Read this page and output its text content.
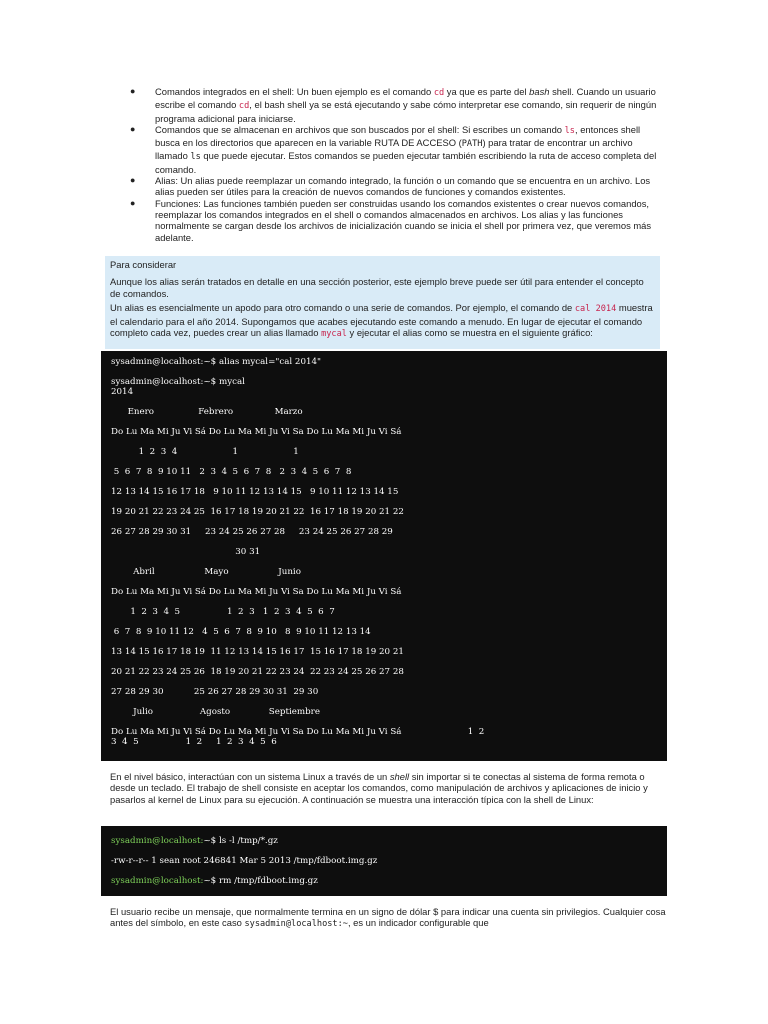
● Comandos integrados en el shell: Un buen ejemplo es el comando cd ya que es parte del bash shell. Cuando un usuario escribe el comando cd, el bash shell ya se está ejecutando y sabe cómo interpretar ese comando, sin requerir de ningún programa adicional para iniciarse.
● Comandos que se almacenan en archivos que son buscados por el shell: Si escribes un comando ls, entonces shell busca en los directorios que aparecen en la variable RUTA DE ACCESO (PATH) para tratar de encontrar un archivo llamado ls que puede ejecutar. Estos comandos se pueden ejecutar también escribiendo la ruta de acceso completa del comando.
● Alias: Un alias puede reemplazar un comando integrado, la función o un comando que se encuentra en un archivo. Los alias pueden ser útiles para la creación de nuevos comandos de funciones y comandos existentes.
● Funciones: Las funciones también pueden ser construidas usando los comandos existentes o crear nuevos comandos, reemplazar los comandos integrados en el shell o comandos almacenados en archivos. Los alias y las funciones normalmente se cargan desde los archivos de inicialización cuando se inicia el shell por primera vez, que veremos más adelante.

Para considerar

Aunque los alias serán tratados en detalle en una sección posterior, este ejemplo breve puede ser útil para entender el concepto de comandos.

Un alias es esencialmente un apodo para otro comando o una serie de comandos. Por ejemplo, el comando de cal 2014 muestra el calendario para el año 2014. Supongamos que acabes ejecutando este comando a menudo. En lugar de ejecutar el comando completo cada vez, puedes crear un alias llamado mycal y ejecutar el alias como se muestra en el siguiente gráfico:

sysadmin@localhost:~$ alias mycal="cal 2014"
sysadmin@localhost:~$ mycal
2014
Enero                Febrero               Marzo
Do Lu Ma Mi Ju Vi Sá Do Lu Ma Mi Ju Vi Sa Do Lu Ma Mi Ju Vi Sá
1  2  3  4                    1                    1
5  6  7  8  9 10 11   2  3  4  5  6  7  8   2  3  4  5  6  7  8
12 13 14 15 16 17 18   9 10 11 12 13 14 15   9 10 11 12 13 14 15
19 20 21 22 23 24 25  16 17 18 19 20 21 22  16 17 18 19 20 21 22
26 27 28 29 30 31     23 24 25 26 27 28     23 24 25 26 27 28 29
30 31
Abril                  Mayo                  Junio
Do Lu Ma Mi Ju Vi Sá Do Lu Ma Mi Ju Vi Sa Do Lu Ma Mi Ju Vi Sá
1  2  3  4  5                 1  2  3   1  2  3  4  5  6  7
6  7  8  9 10 11 12   4  5  6  7  8  9 10   8  9 10 11 12 13 14
13 14 15 16 17 18 19  11 12 13 14 15 16 17  15 16 17 18 19 20 21
20 21 22 23 24 25 26  18 19 20 21 22 23 24  22 23 24 25 26 27 28
27 28 29 30           25 26 27 28 29 30 31  29 30
Julio                 Agosto              Septiembre
Do Lu Ma Mi Ju Vi Sá Do Lu Ma Mi Ju Vi Sa Do Lu Ma Mi Ju Vi Sá                        1  2
3  4  5                 1  2     1  2  3  4  5  6

En el nivel básico, interactúan con un sistema Linux a través de un shell sin importar si te conectas al sistema de forma remota o desde un teclado. El trabajo de shell consiste en aceptar los comandos, como manipulación de archivos y aplicaciones de inicio y pasarlos al kernel de Linux para su ejecución. A continuación se muestra una interacción típica con la shell de Linux:

sysadmin@localhost:~$ ls -l /tmp/*.gz
-rw-r--r-- 1 sean root 246841 Mar 5 2013 /tmp/fdboot.img.gz
sysadmin@localhost:~$ rm /tmp/fdboot.img.gz

El usuario recibe un mensaje, que normalmente termina en un signo de dólar $ para indicar una cuenta sin privilegios. Cualquier cosa antes del símbolo, en este caso sysadmin@localhost:~, es un indicador configurable que
